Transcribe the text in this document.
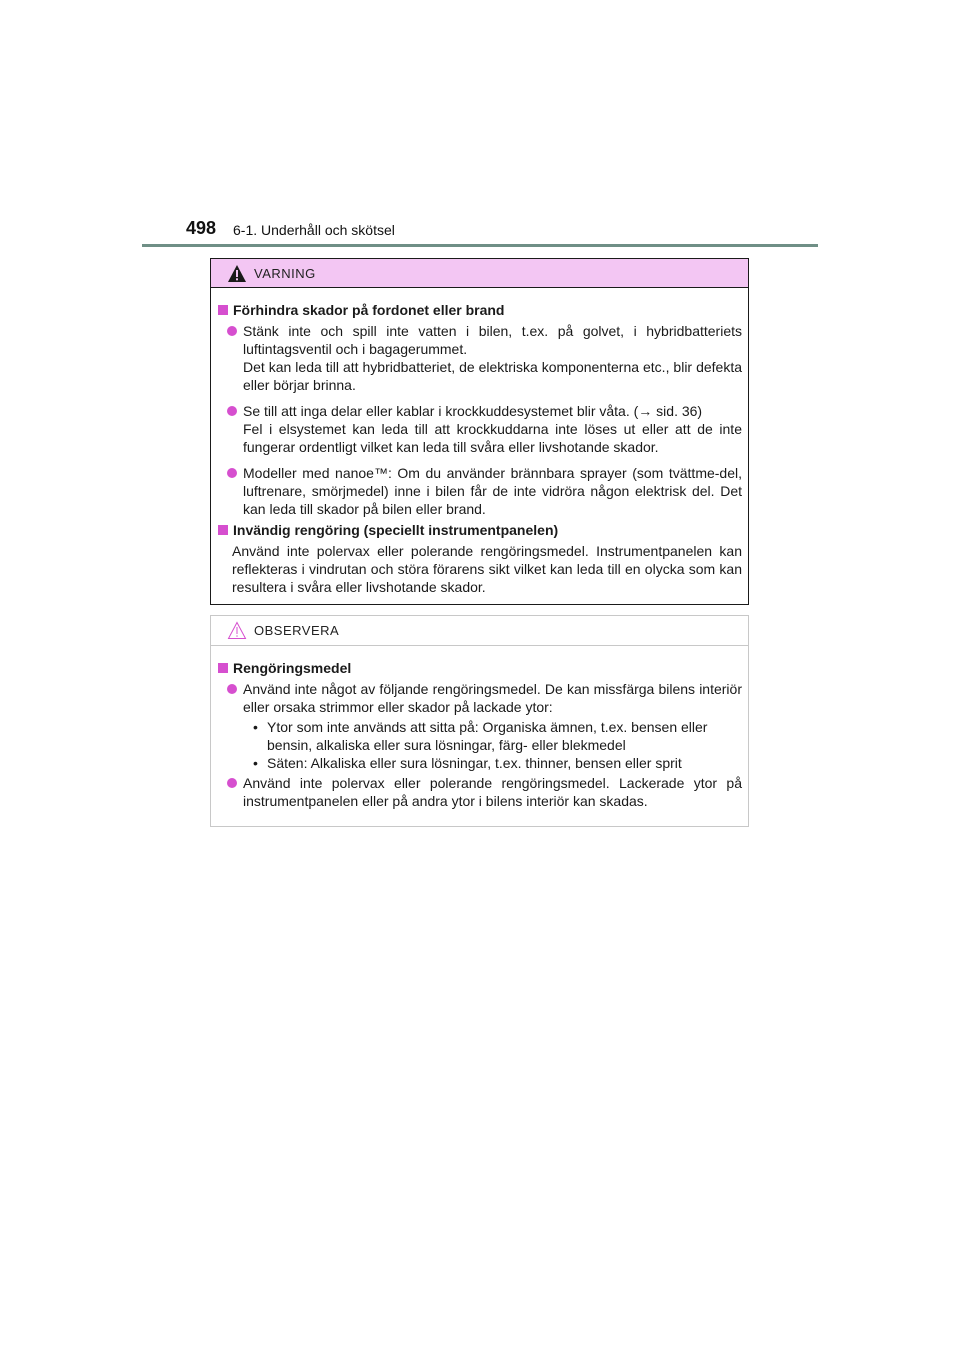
498 6-1. Underhåll och skötsel
VARNING
Förhindra skador på fordonet eller brand

Stänk inte och spill inte vatten i bilen, t.ex. på golvet, i hybridbatteriets luftintagsventil och i bagagerummet.

Det kan leda till att hybridbatteriet, de elektriska komponenterna etc., blir defekta eller börjar brinna.

Se till att inga delar eller kablar i krockkuddesystemet blir våta. (→ sid. 36)

Fel i elsystemet kan leda till att krockkuddarna inte löses ut eller att de inte fungerar ordentligt vilket kan leda till svåra eller livshotande skador.

Modeller med nanoe™: Om du använder brännbara sprayer (som tvättme-del, luftrenare, smörjmedel) inne i bilen får de inte vidröra någon elektrisk del. Det kan leda till skador på bilen eller brand.

Invändig rengöring (speciellt instrumentpanelen)

Använd inte polervax eller polerande rengöringsmedel. Instrumentpanelen kan reflekteras i vindrutan och störa förarens sikt vilket kan leda till en olycka som kan resultera i svåra eller livshotande skador.

OBSERVERA
Rengöringsmedel

Använd inte något av följande rengöringsmedel. De kan missfärga bilens interiör eller orsaka strimmor eller skador på lackade ytor:

• Ytor som inte används att sitta på: Organiska ämnen, t.ex. bensen eller bensin, alkaliska eller sura lösningar, färg- eller blekmedel
• Säten: Alkaliska eller sura lösningar, t.ex. thinner, bensen eller sprit

Använd inte polervax eller polerande rengöringsmedel. Lackerade ytor på instrumentpanelen eller på andra ytor i bilens interiör kan skadas.
